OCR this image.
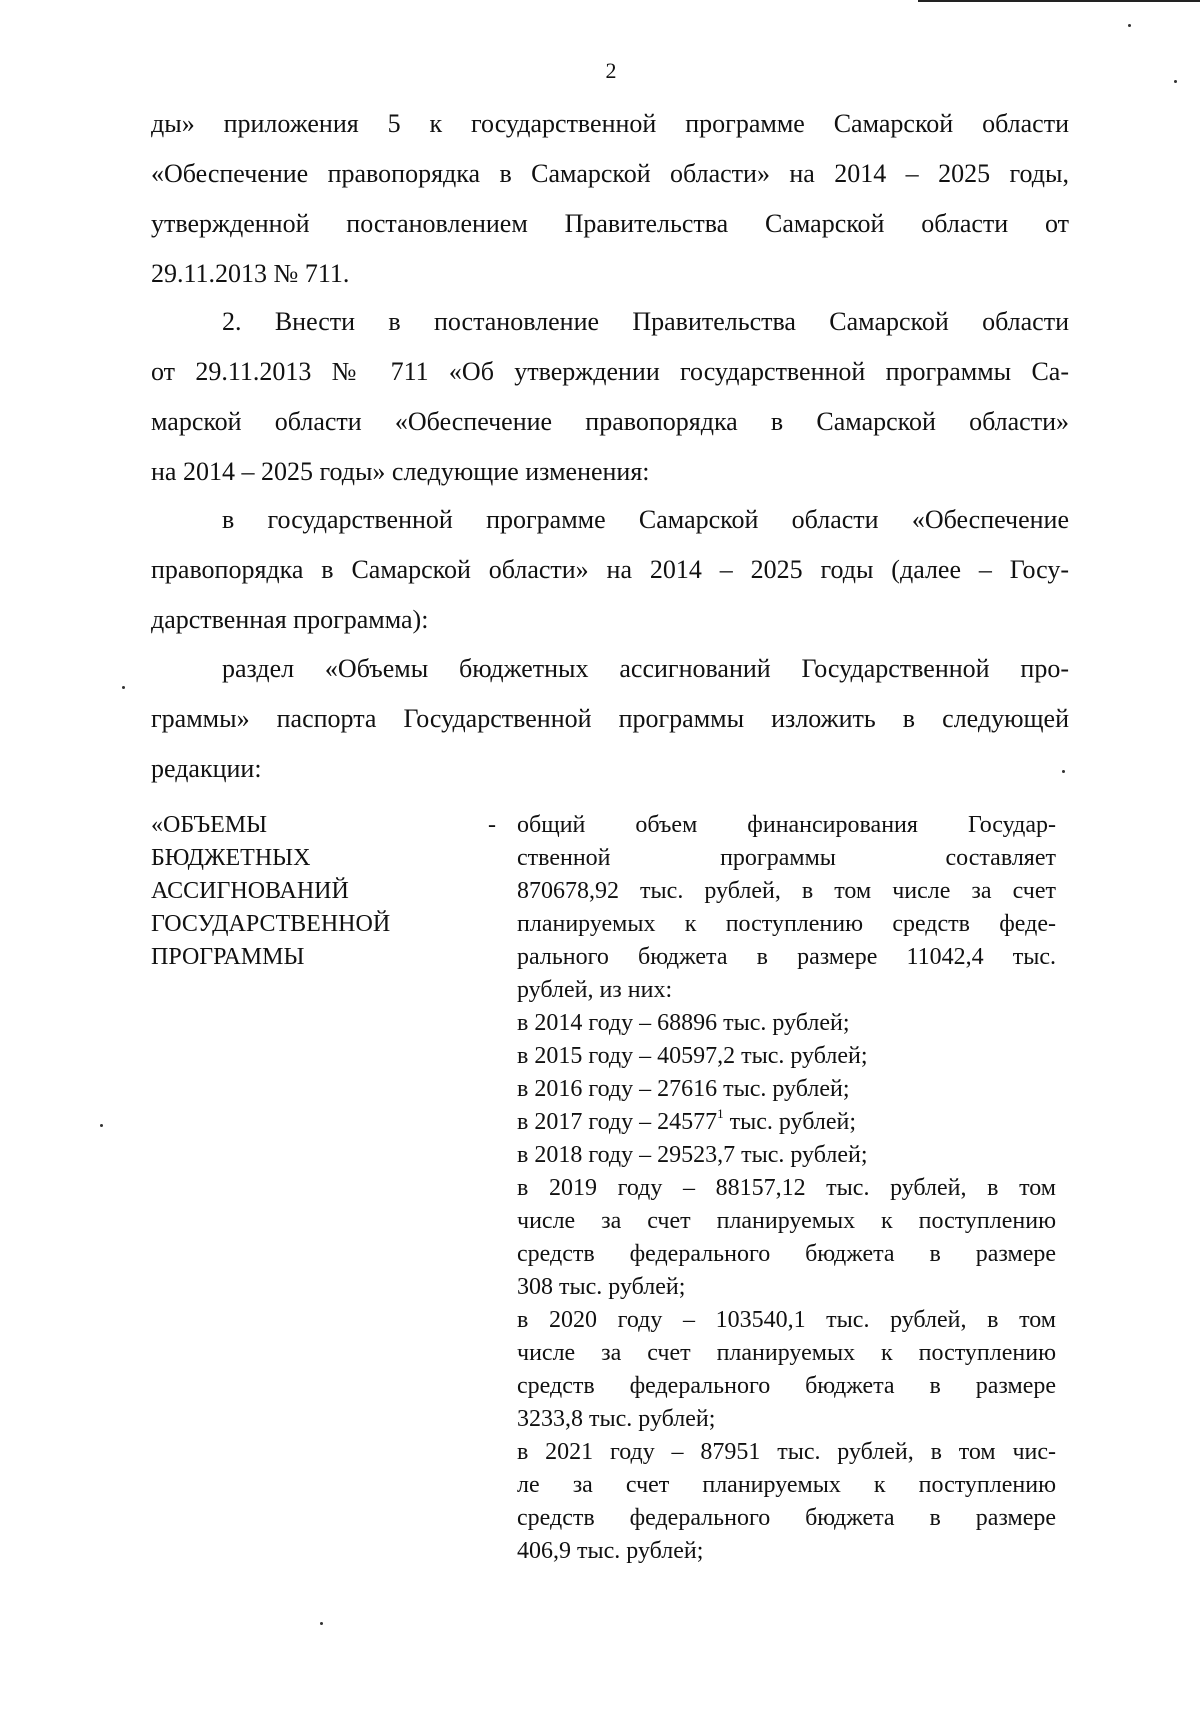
2

ды» приложения 5 к государственной программе Самарской области

«Обеспечение правопорядка в Самарской области» на 2014 – 2025 годы,

утвержденной постановлением Правительства Самарской области от

29.11.2013 № 711.

2. Внести в постановление Правительства Самарской области

от 29.11.2013 № 711 «Об утверждении государственной программы Са-

марской области «Обеспечение правопорядка в Самарской области»

на 2014 – 2025 годы» следующие изменения:

в государственной программе Самарской области «Обеспечение

правопорядка в Самарской области» на 2014 – 2025 годы (далее – Госу-

дарственная программа):

раздел «Объемы бюджетных ассигнований Государственной про-

граммы» паспорта Государственной программы изложить в следующей

редакции:

«ОБЪЕМЫ
БЮДЖЕТНЫХ
АССИГНОВАНИЙ
ГОСУДАРСТВЕННОЙ
ПРОГРАММЫ
- общий объем финансирования Государ-

ственной программы составляет

870678,92 тыс. рублей, в том числе за счет

планируемых к поступлению средств феде-

рального бюджета в размере 11042,4 тыс.

рублей, из них:

в 2014 году – 68896 тыс. рублей;

в 2015 году – 40597,2 тыс. рублей;

в 2016 году – 27616 тыс. рублей;

в 2017 году – 24577$^1$ тыс. рублей;

в 2018 году – 29523,7 тыс. рублей;

в 2019 году – 88157,12 тыс. рублей, в том

числе за счет планируемых к поступлению

средств федерального бюджета в размере

308 тыс. рублей;

в 2020 году – 103540,1 тыс. рублей, в том

числе за счет планируемых к поступлению

средств федерального бюджета в размере

3233,8 тыс. рублей;

в 2021 году – 87951 тыс. рублей, в том чис-

ле за счет планируемых к поступлению

средств федерального бюджета в размере

406,9 тыс. рублей;
